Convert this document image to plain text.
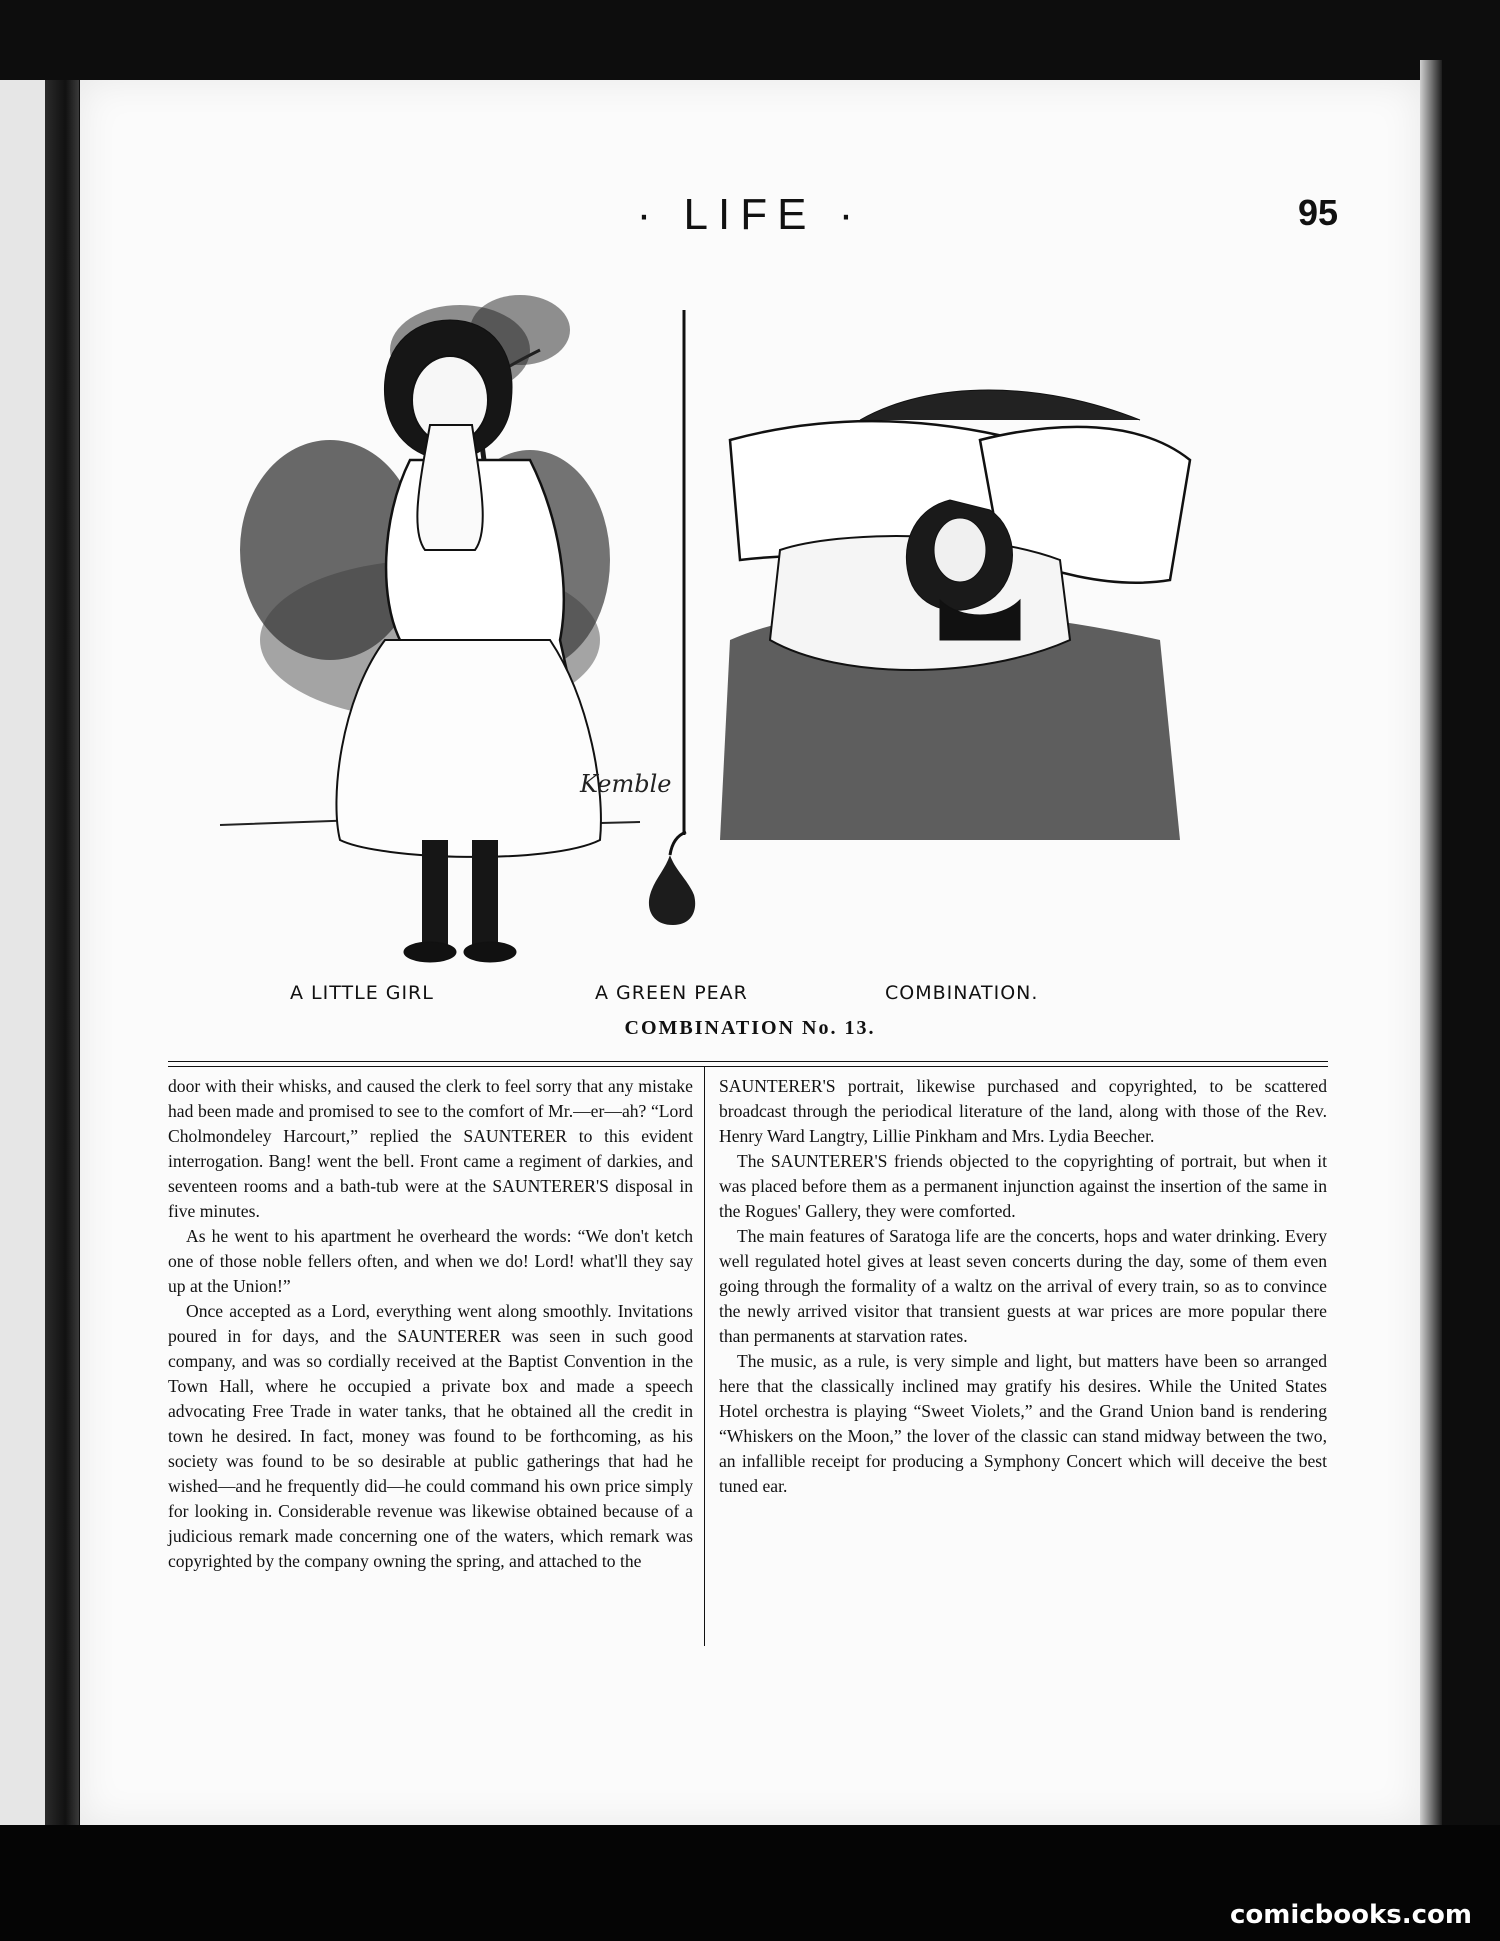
· LIFE ·	95
Kemble
A LITTLE GIRL	A GREEN PEAR	COMBINATION.
COMBINATION No. 13.

door with their whisks, and caused the clerk to feel sorry that any mistake had been made and promised to see to the comfort of Mr.—er—ah? “Lord Cholmondeley Harcourt,” replied the SAUNTERER to this evident interrogation. Bang! went the bell. Front came a regiment of darkies, and seventeen rooms and a bath-tub were at the SAUNTERER'S disposal in five minutes.

As he went to his apartment he overheard the words: “We don't ketch one of those noble fellers often, and when we do! Lord! what'll they say up at the Union!”

Once accepted as a Lord, everything went along smoothly. Invitations poured in for days, and the SAUNTERER was seen in such good company, and was so cordially received at the Baptist Convention in the Town Hall, where he occupied a private box and made a speech advocating Free Trade in water tanks, that he obtained all the credit in town he desired. In fact, money was found to be forthcoming, as his society was found to be so desirable at public gatherings that had he wished—and he frequently did—he could command his own price simply for looking in. Considerable revenue was likewise obtained because of a judicious remark made concerning one of the waters, which remark was copyrighted by the company owning the spring, and attached to the

SAUNTERER'S portrait, likewise purchased and copyrighted, to be scattered broadcast through the periodical literature of the land, along with those of the Rev. Henry Ward Langtry, Lillie Pinkham and Mrs. Lydia Beecher.

The SAUNTERER'S friends objected to the copyrighting of portrait, but when it was placed before them as a permanent injunction against the insertion of the same in the Rogues' Gallery, they were comforted.

The main features of Saratoga life are the concerts, hops and water drinking. Every well regulated hotel gives at least seven concerts during the day, some of them even going through the formality of a waltz on the arrival of every train, so as to convince the newly arrived visitor that transient guests at war prices are more popular there than permanents at starvation rates.

The music, as a rule, is very simple and light, but matters have been so arranged here that the classically inclined may gratify his desires. While the United States Hotel orchestra is playing “Sweet Violets,” and the Grand Union band is rendering “Whiskers on the Moon,” the lover of the classic can stand midway between the two, an infallible receipt for producing a Symphony Concert which will deceive the best tuned ear.

comicbooks.com
